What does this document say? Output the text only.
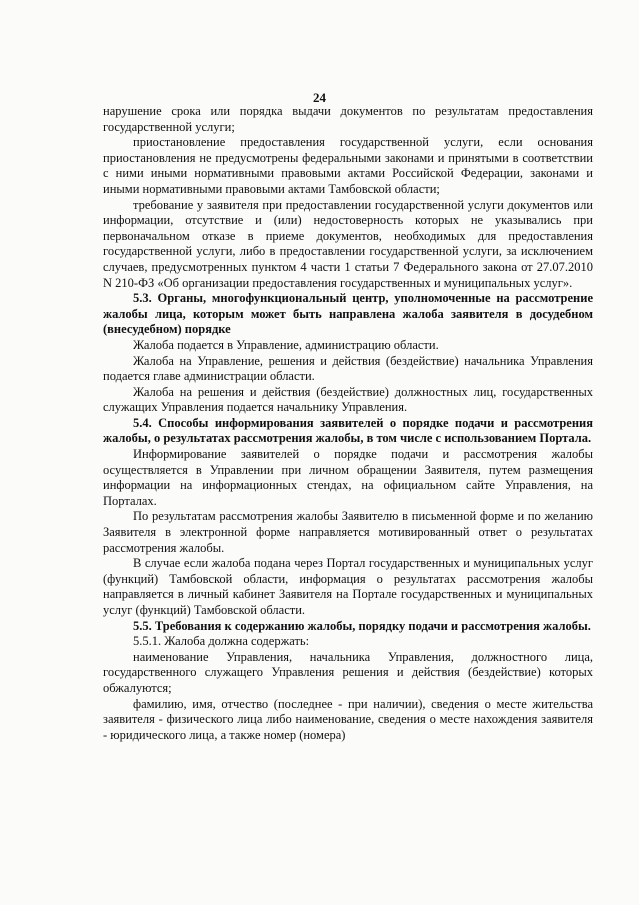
24

нарушение срока или порядка выдачи документов по результатам предоставления государственной услуги;

приостановление предоставления государственной услуги, если основания приостановления не предусмотрены федеральными законами и принятыми в соответствии с ними иными нормативными правовыми актами Российской Федерации, законами и иными нормативными правовыми актами Тамбовской области;

требование у заявителя при предоставлении государственной услуги документов или информации, отсутствие и (или) недостоверность которых не указывались при первоначальном отказе в приеме документов, необходимых для предоставления государственной услуги, либо в предоставлении государственной услуги, за исключением случаев, предусмотренных пунктом 4 части 1 статьи 7 Федерального закона от 27.07.2010 N 210-ФЗ «Об организации предоставления государственных и муниципальных услуг».

5.3. Органы, многофункциональный центр, уполномоченные на рассмотрение жалобы лица, которым может быть направлена жалоба заявителя в досудебном (внесудебном) порядке

Жалоба подается в Управление, администрацию области.

Жалоба на Управление, решения и действия (бездействие) начальника Управления подается главе администрации области.

Жалоба на решения и действия (бездействие) должностных лиц, государственных служащих Управления подается начальнику Управления.

5.4. Способы информирования заявителей о порядке подачи и рассмотрения жалобы, о результатах рассмотрения жалобы, в том числе с использованием Портала.

Информирование заявителей о порядке подачи и рассмотрения жалобы осуществляется в Управлении при личном обращении Заявителя, путем размещения информации на информационных стендах, на официальном сайте Управления, на Порталах.

По результатам рассмотрения жалобы Заявителю в письменной форме и по желанию Заявителя в электронной форме направляется мотивированный ответ о результатах рассмотрения жалобы.

В случае если жалоба подана через Портал государственных и муниципальных услуг (функций) Тамбовской области, информация о результатах рассмотрения жалобы направляется в личный кабинет Заявителя на Портале государственных и муниципальных услуг (функций) Тамбовской области.

5.5. Требования к содержанию жалобы, порядку подачи и рассмотрения жалобы.

5.5.1. Жалоба должна содержать:

наименование Управления, начальника Управления, должностного лица, государственного служащего Управления решения и действия (бездействие) которых обжалуются;

фамилию, имя, отчество (последнее - при наличии), сведения о месте жительства заявителя - физического лица либо наименование, сведения о месте нахождения заявителя - юридического лица, а также номер (номера)
